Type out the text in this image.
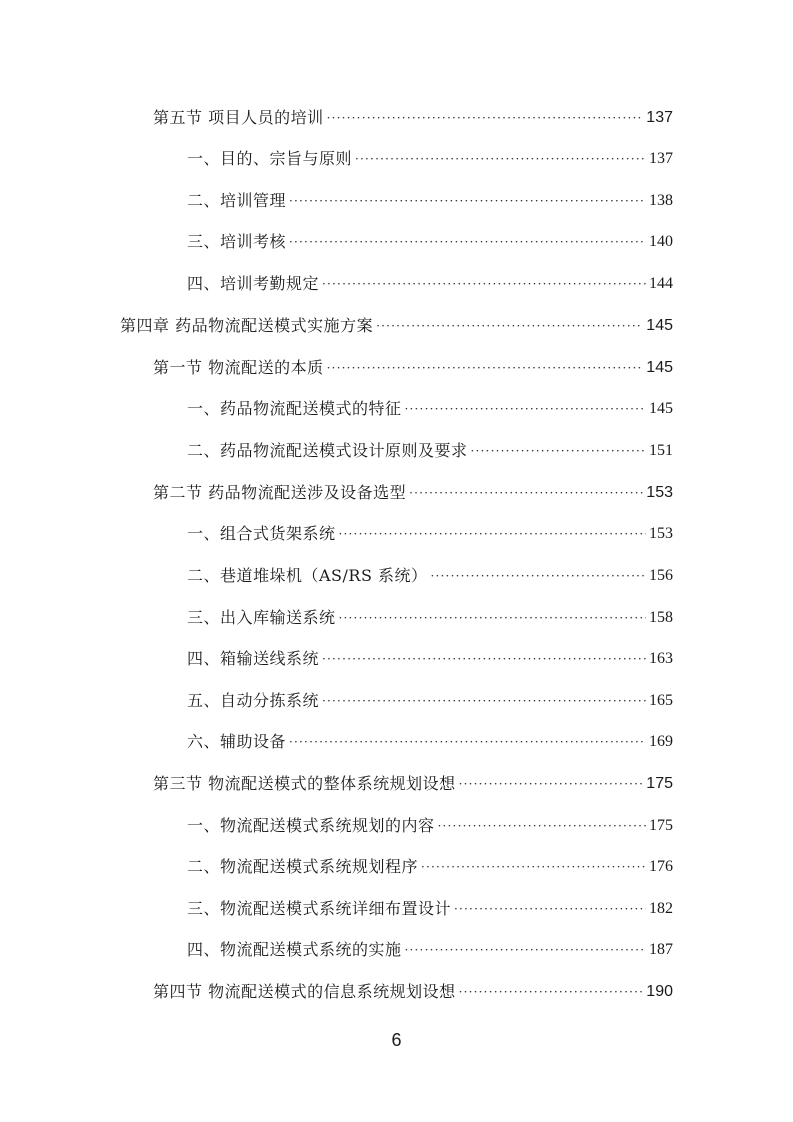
第五节 项目人员的培训 ·····	137
一、目的、宗旨与原则 ·····	137
二、培训管理 ·····	138
三、培训考核 ·····	140
四、培训考勤规定 ·····	144
第四章 药品物流配送模式实施方案 ·····	145
第一节 物流配送的本质 ·····	145
一、药品物流配送模式的特征 ·····	145
二、药品物流配送模式设计原则及要求 ·····	151
第二节 药品物流配送涉及设备选型 ·····	153
一、组合式货架系统 ·····	153
二、巷道堆垛机（AS/RS 系统） ·····	156
三、出入库输送系统 ·····	158
四、箱输送线系统 ·····	163
五、自动分拣系统 ·····	165
六、辅助设备 ·····	169
第三节 物流配送模式的整体系统规划设想 ·····	175
一、物流配送模式系统规划的内容 ·····	175
二、物流配送模式系统规划程序 ·····	176
三、物流配送模式系统详细布置设计 ·····	182
四、物流配送模式系统的实施 ·····	187
第四节 物流配送模式的信息系统规划设想 ·····	190
6
